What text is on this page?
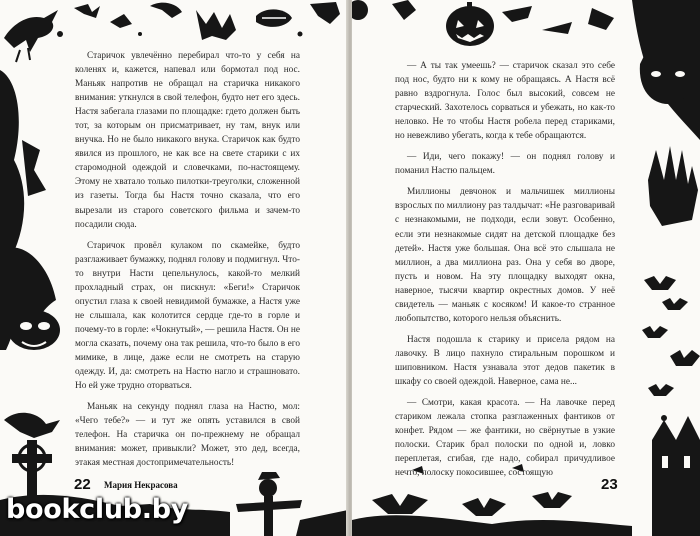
Старичок увлечённо перебирал что-то у себя на коленях и, кажется, напевал или бормотал под нос. Маньяк напротив не обращал на старичка никакого внимания: уткнулся в свой телефон, будто нет его здесь. Настя забегала глазами по площадке: гдето должен быть тот, за которым он присматривает, ну там, внук или внучка. Но не было никакого внука. Старичок как будто явился из прошлого, не как все на свете старики с их старомодной одеждой и словечками, по-настоящему. Этому не хватало только пилотки-треуголки, сложенной из газеты. Тогда бы Настя точно сказала, что его вырезали из старого советского фильма и зачем-то посадили сюда.

Старичок провёл кулаком по скамейке, будто разглаживает бумажку, поднял голову и подмигнул. Что-то внутри Насти цепельнулось, какой-то мелкий прохладный страх, он пискнул: «Беги!» Старичок опустил глаза к своей невидимой бумажке, а Настя уже не слышала, как колотится сердце где-то в горле и почему-то в горле: «Чокнутый», — решила Настя. Он не могла сказать, почему она так решила, что-то было в его мимике, в лице, даже если не смотреть на старую одежду. И, да: смотреть на Настю нагло и страшновато. Но ей уже трудно оторваться.

Маньяк на секунду поднял глаза на Настю, мол: «Чего тебе?» — и тут же опять уставился в свой телефон. На старичка он по-прежнему не обращал внимания: может, привыкли? Может, это дед, всегда, этакая местная достопримечательность!

22 Мария Некрасова
bookclub.by

— А ты так умеешь? — старичок сказал это себе под нос, будто ни к кому не обращаясь. А Настя всё равно вздрогнула. Голос был высокий, совсем не старческий. Захотелось сорваться и убежать, но как-то неловко. Не то чтобы Настя робела перед стариками, но невежливо убегать, когда к тебе обращаются.

— Иди, чего покажу! — он поднял голову и поманил Настю пальцем.

Миллионы девчонок и мальчишек миллионы взрослых по миллиону раз талдычат: «Не разговаривай с незнакомыми, не подходи, если зовут. Особенно, если эти незнакомые сидят на детской площадке без детей». Настя уже большая. Она всё это слышала не миллион, а два миллиона раз. Она у себя во дворе, пусть и новом. На эту площадку выходят окна, наверное, тысячи квартир окрестных домов. У неё свидетель — маньяк с косяком! И какое-то странное любопытство, которого нельзя объяснить.

Настя подошла к старику и присела рядом на лавочку. В лицо пахнуло стиральным порошком и шиповником. Настя узнавала этот дедов пакетик в шкафу со своей одеждой. Наверное, сама не...

— Смотри, какая красота. — На лавочке перед стариком лежала стопка разглаженных фантиков от конфет. Рядом — же фантики, но свёрнутые в узкие полоски. Старик брал полоски по одной и, ловко переплетая, сгибая, где надо, собирал причудливое нечто, полоску покосившее, состоящую

23
